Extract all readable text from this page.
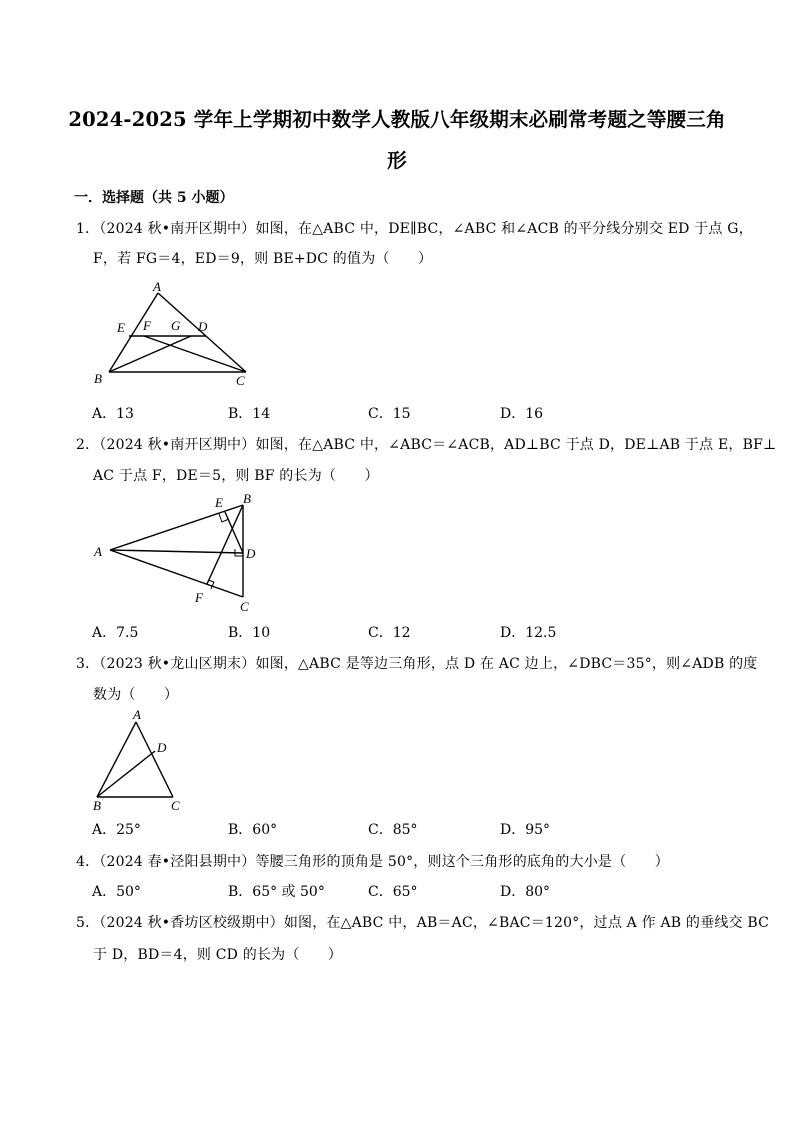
2024-2025 学年上学期初中数学人教版八年级期末必刷常考题之等腰三角
形
一．选择题（共 5 小题）
1．（2024 秋•南开区期中）如图，在△ABC 中，DE∥BC，∠ABC 和∠ACB 的平分线分别交 ED 于点 G，
F，若 FG＝4，ED＝9，则 BE+DC 的值为（　　）
A
E F G D
B	C
A．13	B．14	C．15	D．16
2．（2024 秋•南开区期中）如图，在△ABC 中，∠ABC＝∠ACB，AD⊥BC 于点 D，DE⊥AB 于点 E，BF⊥
AC 于点 F，DE＝5，则 BF 的长为（　　）
E B
A	D
F
C
A．7.5	B．10	C．12	D．12.5
3．（2023 秋•龙山区期末）如图，△ABC 是等边三角形，点 D 在 AC 边上，∠DBC＝35°，则∠ADB 的度
数为（　　）
A
D
B	C
A．25°	B．60°	C．85°	D．95°
4．（2024 春•泾阳县期中）等腰三角形的顶角是 50°，则这个三角形的底角的大小是（　　）
A．50°	B．65° 或 50°	C．65°	D．80°
5．（2024 秋•香坊区校级期中）如图，在△ABC 中，AB＝AC，∠BAC＝120°，过点 A 作 AB 的垂线交 BC
于 D，BD＝4，则 CD 的长为（　　）
